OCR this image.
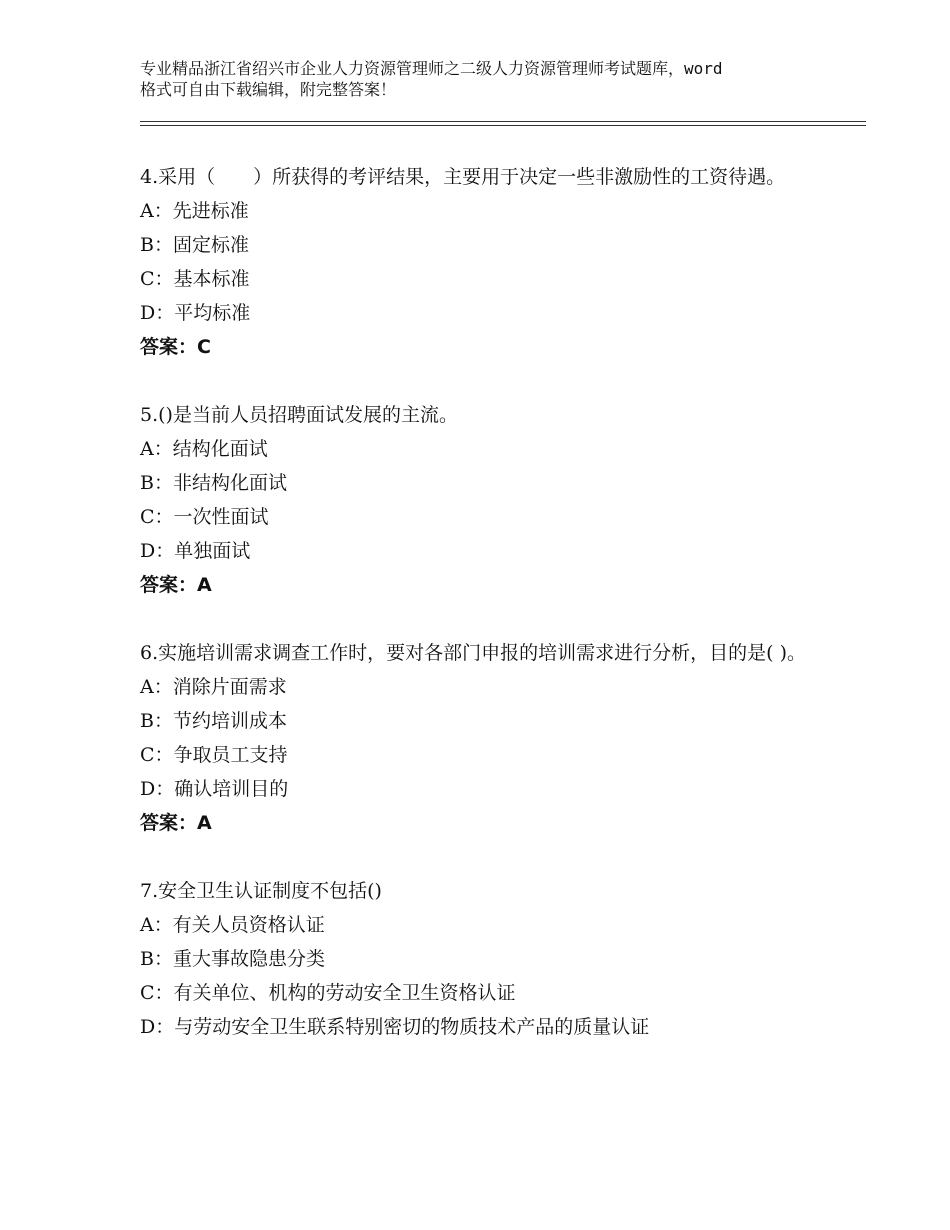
专业精品浙江省绍兴市企业人力资源管理师之二级人力资源管理师考试题库，word
格式可自由下载编辑，附完整答案！
4.采用（　　）所获得的考评结果，主要用于决定一些非激励性的工资待遇。
A：先进标准
B：固定标准
C：基本标准
D：平均标准
答案：C
5.()是当前人员招聘面试发展的主流。
A：结构化面试
B：非结构化面试
C：一次性面试
D：单独面试
答案：A
6.实施培训需求调查工作时，要对各部门申报的培训需求进行分析，目的是( )。
A：消除片面需求
B：节约培训成本
C：争取员工支持
D：确认培训目的
答案：A
7.安全卫生认证制度不包括()
A：有关人员资格认证
B：重大事故隐患分类
C：有关单位、机构的劳动安全卫生资格认证
D：与劳动安全卫生联系特别密切的物质技术产品的质量认证
